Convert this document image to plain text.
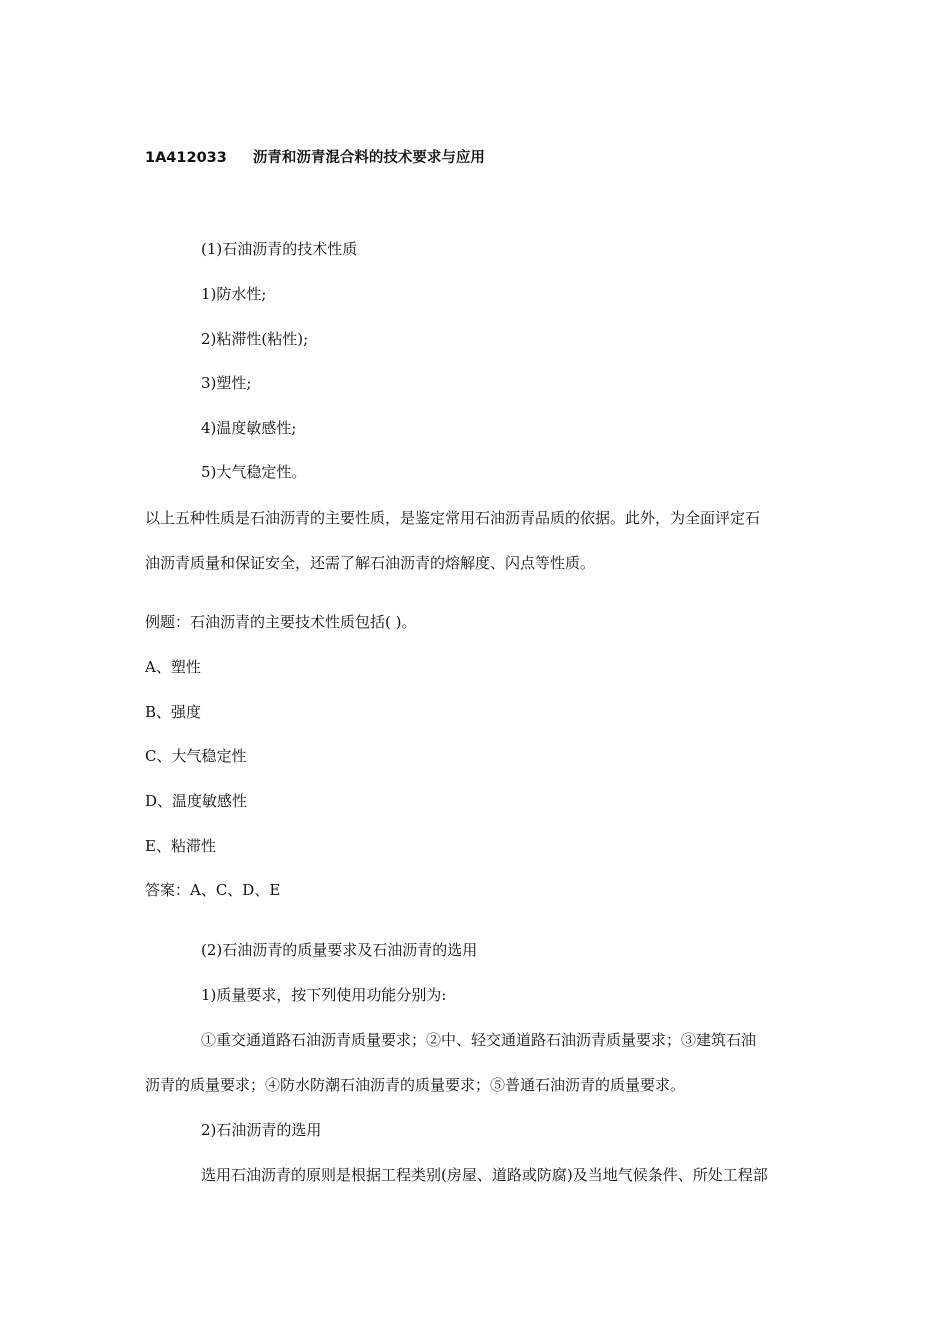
1A412033 沥青和沥青混合料的技术要求与应用
(1)石油沥青的技术性质
1)防水性;
2)粘滞性(粘性);
3)塑性;
4)温度敏感性;
5)大气稳定性。
以上五种性质是石油沥青的主要性质，是鉴定常用石油沥青品质的依据。此外，为全面评定石
油沥青质量和保证安全，还需了解石油沥青的熔解度、闪点等性质。
例题：石油沥青的主要技术性质包括( )。
A、塑性
B、强度
C、大气稳定性
D、温度敏感性
E、粘滞性
答案：A、C、D、E
(2)石油沥青的质量要求及石油沥青的选用
1)质量要求，按下列使用功能分别为:
①重交通道路石油沥青质量要求；②中、轻交通道路石油沥青质量要求；③建筑石油
沥青的质量要求；④防水防潮石油沥青的质量要求；⑤普通石油沥青的质量要求。
2)石油沥青的选用
选用石油沥青的原则是根据工程类别(房屋、道路或防腐)及当地气候条件、所处工程部
